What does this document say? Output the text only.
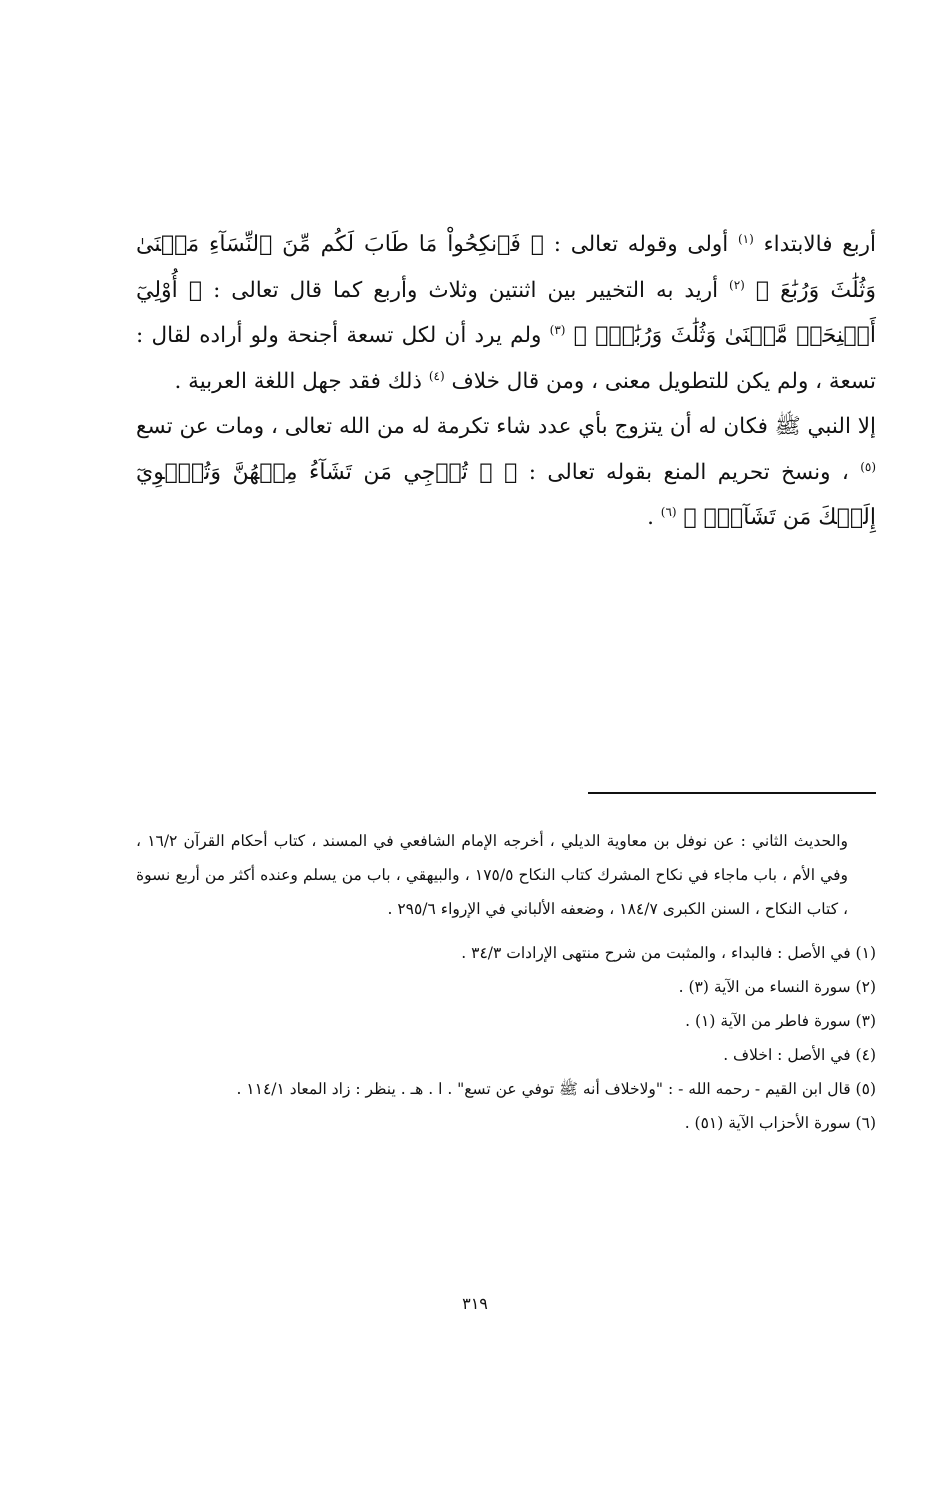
أربع فالابتداء $^{(١)}$ أولى وقوله تعالى : ﴿ فَٱنكِحُواْ مَا طَابَ لَكُم مِّنَ ٱلنِّسَآءِ مَثۡنَىٰ وَثُلَٰثَ وَرُبَٰعَ ﴾ $^{(٢)}$ أريد به التخيير بين اثنتين وثلاث وأربع كما قال تعالى : ﴿ أُوْلِيٓ أَجۡنِحَةٖ مَّثۡنَىٰ وَثُلَٰثَ وَرُبَٰعَۚ ﴾ $^{(٣)}$ ولم يرد أن لكل تسعة أجنحة ولو أراده لقال : تسعة ، ولم يكن للتطويل معنى ، ومن قال خلاف $^{(٤)}$ ذلك فقد جهل اللغة العربية .

إلا النبي ﷺ فكان له أن يتزوج بأي عدد شاء تكرمة له من الله تعالى ، ومات عن تسع $^{(٥)}$ ، ونسخ تحريم المنع بقوله تعالى : ﴿ ۞ تُرۡجِي مَن تَشَآءُ مِنۡهُنَّ وَتُـٔۡوِيٓ إِلَيۡكَ مَن تَشَآءُۖ ﴾ $^{(٦)}$ .

والحديث الثاني : عن نوفل بن معاوية الديلي ، أخرجه الإمام الشافعي في المسند ، كتاب أحكام القرآن ١٦/٢ ، وفي الأم ، باب ماجاء في نكاح المشرك كتاب النكاح ١٧٥/٥ ، والبيهقي ، باب من يسلم وعنده أكثر من أربع نسوة ، كتاب النكاح ، السنن الكبرى ١٨٤/٧ ، وضعفه الألباني في الإرواء ٢٩٥/٦ .

(١) في الأصل : فالبداء ، والمثبت من شرح منتهى الإرادات ٣٤/٣ .

(٢) سورة النساء من الآية (٣) .

(٣) سورة فاطر من الآية (١) .

(٤) في الأصل : اخلاف .

(٥) قال ابن القيم - رحمه الله - : "ولاخلاف أنه ﷺ توفي عن تسع" . ا . هـ . ينظر : زاد المعاد ١١٤/١ .

(٦) سورة الأحزاب الآية (٥١) .

٣١٩
